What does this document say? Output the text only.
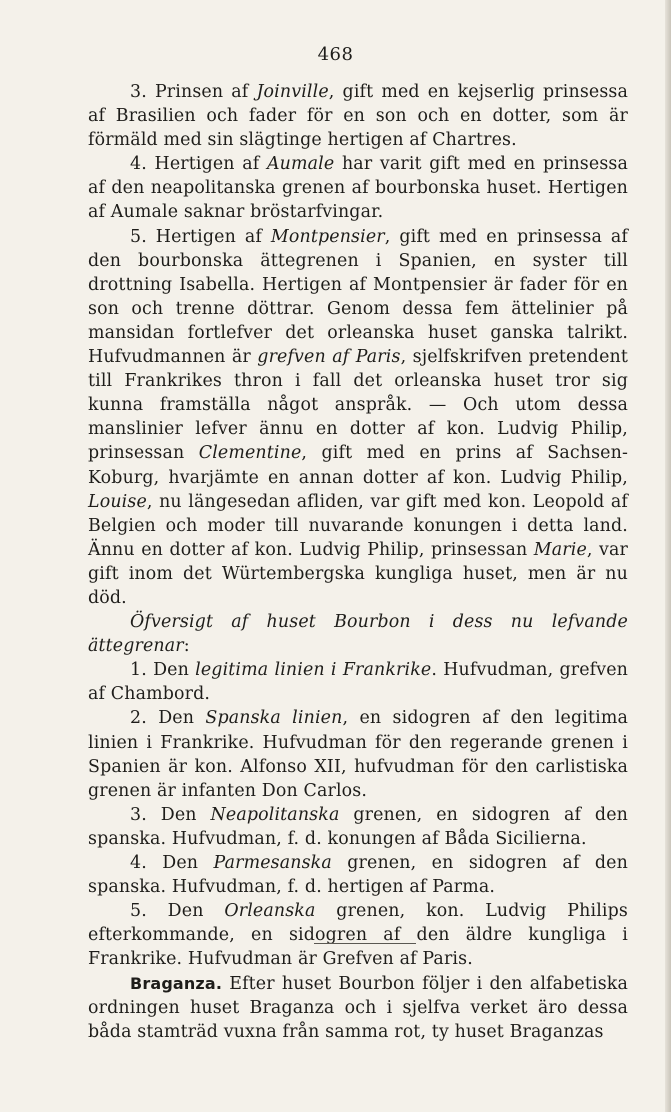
468

3. Prinsen af Joinville, gift med en kejserlig prinsessa af Brasilien och fader för en son och en dotter, som är förmäld med sin slägtinge hertigen af Chartres.

4. Hertigen af Aumale har varit gift med en prinsessa af den neapolitanska grenen af bourbonska huset. Hertigen af Aumale saknar bröstarfvingar.

5. Hertigen af Montpensier, gift med en prinsessa af den bourbonska ättegrenen i Spanien, en syster till drottning Isabella. Hertigen af Montpensier är fader för en son och trenne döttrar. Genom dessa fem ättelinier på mansidan fortlefver det orleanska huset ganska talrikt. Hufvudmannen är grefven af Paris, sjelfskrifven pretendent till Frankrikes thron i fall det orleanska huset tror sig kunna framställa något anspråk. — Och utom dessa manslinier lefver ännu en dotter af kon. Ludvig Philip, prinsessan Clementine, gift med en prins af Sachsen-Koburg, hvarjämte en annan dotter af kon. Ludvig Philip, Louise, nu längesedan afliden, var gift med kon. Leopold af Belgien och moder till nuvarande konungen i detta land. Ännu en dotter af kon. Ludvig Philip, prinsessan Marie, var gift inom det Würtembergska kungliga huset, men är nu död.

Öfversigt af huset Bourbon i dess nu lefvande ättegrenar:

1. Den legitima linien i Frankrike. Hufvudman, grefven af Chambord.

2. Den Spanska linien, en sidogren af den legitima linien i Frankrike. Hufvudman för den regerande grenen i Spanien är kon. Alfonso XII, hufvudman för den carlistiska grenen är infanten Don Carlos.

3. Den Neapolitanska grenen, en sidogren af den spanska. Hufvudman, f. d. konungen af Båda Sicilierna.

4. Den Parmesanska grenen, en sidogren af den spanska. Hufvudman, f. d. hertigen af Parma.

5. Den Orleanska grenen, kon. Ludvig Philips efterkommande, en sidogren af den äldre kungliga i Frankrike. Hufvudman är Grefven af Paris.

Braganza. Efter huset Bourbon följer i den alfabetiska ordningen huset Braganza och i sjelfva verket äro dessa båda stamträd vuxna från samma rot, ty huset Braganzas
